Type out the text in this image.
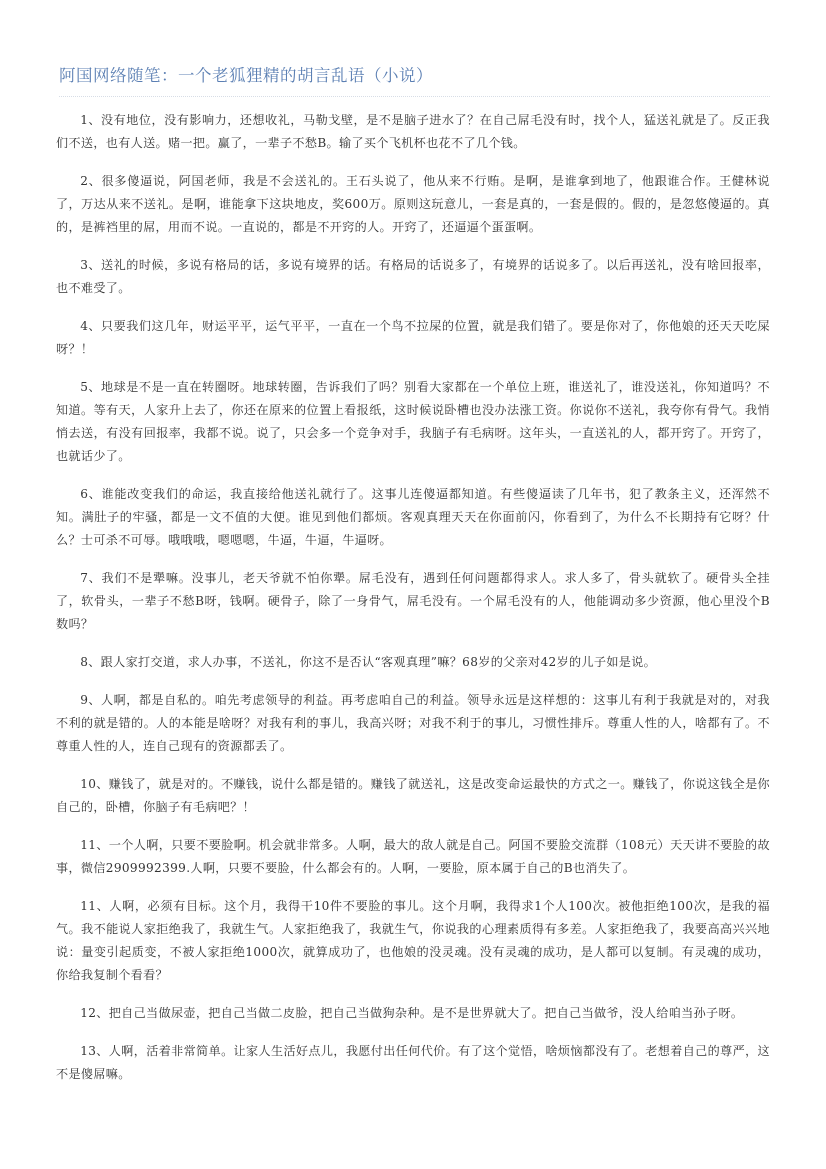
阿国网络随笔：一个老狐狸精的胡言乱语（小说）

1、没有地位，没有影响力，还想收礼，马勒戈壁，是不是脑子进水了？在自己屌毛没有时，找个人，猛送礼就是了。反正我们不送，也有人送。赌一把。赢了，一辈子不愁B。输了买个飞机杯也花不了几个钱。

2、很多傻逼说，阿国老师，我是不会送礼的。王石头说了，他从来不行贿。是啊，是谁拿到地了，他跟谁合作。王健林说了，万达从来不送礼。是啊，谁能拿下这块地皮，奖600万。原则这玩意儿，一套是真的，一套是假的。假的，是忽悠傻逼的。真的，是裤裆里的屌，用而不说。一直说的，都是不开窍的人。开窍了，还逼逼个蛋蛋啊。

3、送礼的时候，多说有格局的话，多说有境界的话。有格局的话说多了，有境界的话说多了。以后再送礼，没有啥回报率，也不难受了。

4、只要我们这几年，财运平平，运气平平，一直在一个鸟不拉屎的位置，就是我们错了。要是你对了，你他娘的还天天吃屎呀？！

5、地球是不是一直在转圈呀。地球转圈，告诉我们了吗？别看大家都在一个单位上班，谁送礼了，谁没送礼，你知道吗？不知道。等有天，人家升上去了，你还在原来的位置上看报纸，这时候说卧槽也没办法涨工资。你说你不送礼，我夸你有骨气。我悄悄去送，有没有回报率，我都不说。说了，只会多一个竞争对手，我脑子有毛病呀。这年头，一直送礼的人，都开窍了。开窍了，也就话少了。

6、谁能改变我们的命运，我直接给他送礼就行了。这事儿连傻逼都知道。有些傻逼读了几年书，犯了教条主义，还浑然不知。满肚子的牢骚，都是一文不值的大便。谁见到他们都烦。客观真理天天在你面前闪，你看到了，为什么不长期持有它呀？什么？士可杀不可辱。哦哦哦，嗯嗯嗯，牛逼，牛逼，牛逼呀。

7、我们不是犟嘛。没事儿，老天爷就不怕你犟。屌毛没有，遇到任何问题都得求人。求人多了，骨头就软了。硬骨头全挂了，软骨头，一辈子不愁B呀，钱啊。硬骨子，除了一身骨气，屌毛没有。一个屌毛没有的人，他能调动多少资源，他心里没个B数吗？

8、跟人家打交道，求人办事，不送礼，你这不是否认“客观真理”嘛？68岁的父亲对42岁的儿子如是说。

9、人啊，都是自私的。咱先考虑领导的利益。再考虑咱自己的利益。领导永远是这样想的：这事儿有利于我就是对的，对我不利的就是错的。人的本能是啥呀？对我有利的事儿，我高兴呀；对我不利于的事儿，习惯性排斥。尊重人性的人，啥都有了。不尊重人性的人，连自己现有的资源都丢了。

10、赚钱了，就是对的。不赚钱，说什么都是错的。赚钱了就送礼，这是改变命运最快的方式之一。赚钱了，你说这钱全是你自己的，卧槽，你脑子有毛病吧？！

11、一个人啊，只要不要脸啊。机会就非常多。人啊，最大的敌人就是自己。阿国不要脸交流群（108元）天天讲不要脸的故事，微信2909992399.人啊，只要不要脸，什么都会有的。人啊，一要脸，原本属于自己的B也消失了。

11、人啊，必须有目标。这个月，我得干10件不要脸的事儿。这个月啊，我得求1个人100次。被他拒绝100次，是我的福气。我不能说人家拒绝我了，我就生气。人家拒绝我了，我就生气，你说我的心理素质得有多差。人家拒绝我了，我要高高兴兴地说：量变引起质变，不被人家拒绝1000次，就算成功了，也他娘的没灵魂。没有灵魂的成功，是人都可以复制。有灵魂的成功，你给我复制个看看？

12、把自己当做尿壶，把自己当做二皮脸，把自己当做狗杂种。是不是世界就大了。把自己当做爷，没人给咱当孙子呀。

13、人啊，活着非常简单。让家人生活好点儿，我愿付出任何代价。有了这个觉悟，啥烦恼都没有了。老想着自己的尊严，这不是傻屌嘛。
